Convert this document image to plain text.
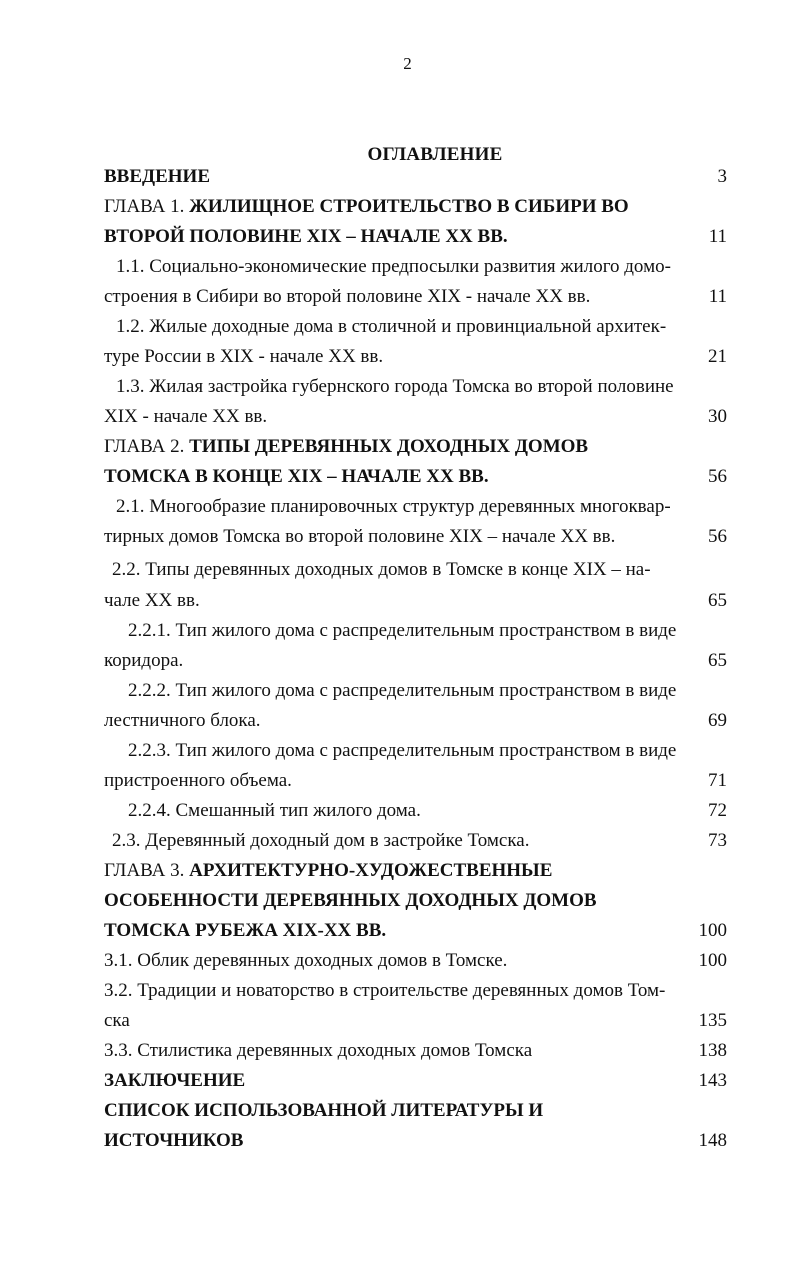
2
ОГЛАВЛЕНИЕ
ВВЕДЕНИЕ	3
ГЛАВА 1. ЖИЛИЩНОЕ СТРОИТЕЛЬСТВО В СИБИРИ ВО
ВТОРОЙ ПОЛОВИНЕ XIX – НАЧАЛЕ XX ВВ.	11
1.1. Социально-экономические предпосылки развития жилого домо-
строения в Сибири во второй половине XIX - начале XX вв.	11
1.2. Жилые доходные дома в столичной и провинциальной архитек-
туре России в XIX - начале XX вв.	21
1.3. Жилая застройка губернского города Томска во второй половине
XIX - начале XX вв.	30
ГЛАВА 2. ТИПЫ ДЕРЕВЯННЫХ ДОХОДНЫХ ДОМОВ
ТОМСКА В КОНЦЕ XIX – НАЧАЛЕ XX ВВ.	56
2.1. Многообразие планировочных структур деревянных многоквар-
тирных домов Томска во второй половине XIX – начале XX вв.	56
2.2. Типы деревянных доходных домов в Томске в конце XIX – на-
чале XX вв.	65
2.2.1. Тип жилого дома с распределительным пространством в виде
коридора.	65
2.2.2. Тип жилого дома с распределительным пространством в виде
лестничного блока.	69
2.2.3. Тип жилого дома с распределительным пространством в виде
пристроенного объема.	71
2.2.4. Смешанный тип жилого дома.	72
2.3. Деревянный доходный дом в застройке Томска.	73
ГЛАВА 3. АРХИТЕКТУРНО-ХУДОЖЕСТВЕННЫЕ
ОСОБЕННОСТИ ДЕРЕВЯННЫХ ДОХОДНЫХ ДОМОВ
ТОМСКА РУБЕЖА XIX-XX ВВ.	100
3.1. Облик деревянных доходных домов в Томске.	100
3.2. Традиции и новаторство в строительстве деревянных домов Том-
ска	135
3.3. Стилистика деревянных доходных домов Томска	138
ЗАКЛЮЧЕНИЕ	143
СПИСОК ИСПОЛЬЗОВАННОЙ ЛИТЕРАТУРЫ И
ИСТОЧНИКОВ	148
